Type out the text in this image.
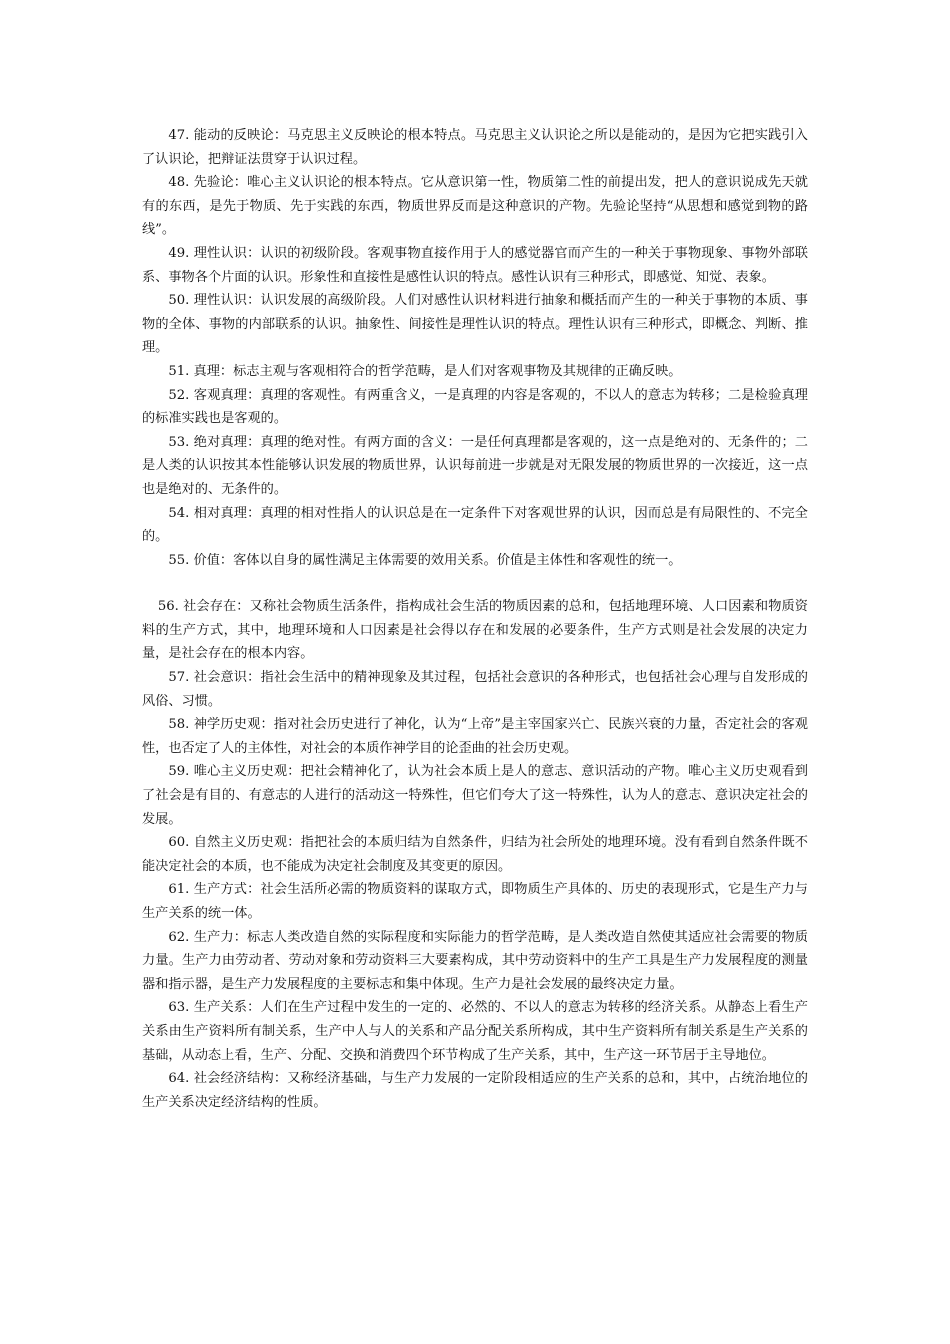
47. 能动的反映论：马克思主义反映论的根本特点。马克思主义认识论之所以是能动的，是因为它把实践引入了认识论，把辩证法贯穿于认识过程。

48. 先验论：唯心主义认识论的根本特点。它从意识第一性，物质第二性的前提出发，把人的意识说成先天就有的东西，是先于物质、先于实践的东西，物质世界反而是这种意识的产物。先验论坚持“从思想和感觉到物的路线”。

49. 理性认识：认识的初级阶段。客观事物直接作用于人的感觉器官而产生的一种关于事物现象、事物外部联系、事物各个片面的认识。形象性和直接性是感性认识的特点。感性认识有三种形式，即感觉、知觉、表象。

50. 理性认识：认识发展的高级阶段。人们对感性认识材料进行抽象和概括而产生的一种关于事物的本质、事物的全体、事物的内部联系的认识。抽象性、间接性是理性认识的特点。理性认识有三种形式，即概念、判断、推理。

51. 真理：标志主观与客观相符合的哲学范畴，是人们对客观事物及其规律的正确反映。

52. 客观真理：真理的客观性。有两重含义，一是真理的内容是客观的，不以人的意志为转移；二是检验真理的标准实践也是客观的。

53. 绝对真理：真理的绝对性。有两方面的含义：一是任何真理都是客观的，这一点是绝对的、无条件的；二是人类的认识按其本性能够认识发展的物质世界，认识每前进一步就是对无限发展的物质世界的一次接近，这一点也是绝对的、无条件的。

54. 相对真理：真理的相对性指人的认识总是在一定条件下对客观世界的认识，因而总是有局限性的、不完全的。

55. 价值：客体以自身的属性满足主体需要的效用关系。价值是主体性和客观性的统一。

56. 社会存在：又称社会物质生活条件，指构成社会生活的物质因素的总和，包括地理环境、人口因素和物质资料的生产方式，其中，地理环境和人口因素是社会得以存在和发展的必要条件，生产方式则是社会发展的决定力量，是社会存在的根本内容。

57. 社会意识：指社会生活中的精神现象及其过程，包括社会意识的各种形式，也包括社会心理与自发形成的风俗、习惯。

58. 神学历史观：指对社会历史进行了神化，认为“上帝”是主宰国家兴亡、民族兴衰的力量，否定社会的客观性，也否定了人的主体性，对社会的本质作神学目的论歪曲的社会历史观。

59. 唯心主义历史观：把社会精神化了，认为社会本质上是人的意志、意识活动的产物。唯心主义历史观看到了社会是有目的、有意志的人进行的活动这一特殊性，但它们夸大了这一特殊性，认为人的意志、意识决定社会的发展。

60. 自然主义历史观：指把社会的本质归结为自然条件，归结为社会所处的地理环境。没有看到自然条件既不能决定社会的本质，也不能成为决定社会制度及其变更的原因。

61. 生产方式：社会生活所必需的物质资料的谋取方式，即物质生产具体的、历史的表现形式，它是生产力与生产关系的统一体。

62. 生产力：标志人类改造自然的实际程度和实际能力的哲学范畴，是人类改造自然使其适应社会需要的物质力量。生产力由劳动者、劳动对象和劳动资料三大要素构成，其中劳动资料中的生产工具是生产力发展程度的测量器和指示器，是生产力发展程度的主要标志和集中体现。生产力是社会发展的最终决定力量。

63. 生产关系：人们在生产过程中发生的一定的、必然的、不以人的意志为转移的经济关系。从静态上看生产关系由生产资料所有制关系，生产中人与人的关系和产品分配关系所构成，其中生产资料所有制关系是生产关系的基础，从动态上看，生产、分配、交换和消费四个环节构成了生产关系，其中，生产这一环节居于主导地位。

64. 社会经济结构：又称经济基础，与生产力发展的一定阶段相适应的生产关系的总和，其中，占统治地位的生产关系决定经济结构的性质。
